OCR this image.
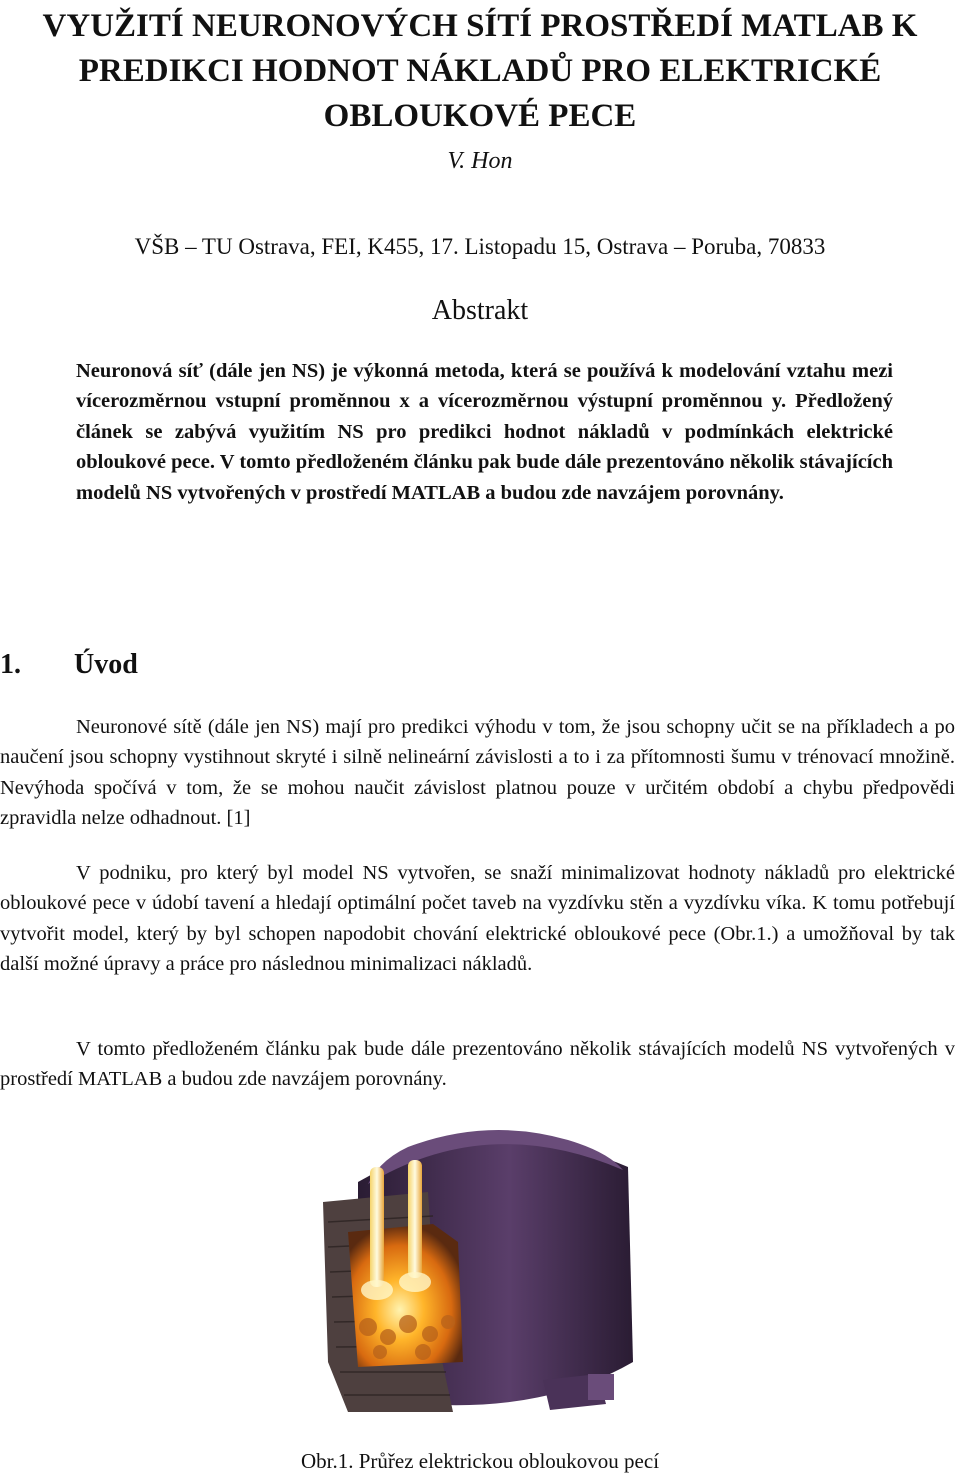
VYUŽITÍ NEURONOVÝCH SÍTÍ PROSTŘEDÍ MATLAB K PREDIKCI HODNOT NÁKLADŮ PRO ELEKTRICKÉ OBLOUKOVÉ PECE
V. Hon
VŠB – TU Ostrava, FEI, K455, 17. Listopadu 15, Ostrava – Poruba, 70833
Abstrakt

Neuronová síť (dále jen NS) je výkonná metoda, která se používá k modelování vztahu mezi vícerozměrnou vstupní proměnnou x a vícerozměrnou výstupní proměnnou y. Předložený článek se zabývá využitím NS pro predikci hodnot nákladů v podmínkách elektrické obloukové pece. V tomto předloženém článku pak bude dále prezentováno několik stávajících modelů NS vytvořených v prostředí MATLAB a budou zde navzájem porovnány.

1. Úvod

Neuronové sítě (dále jen NS) mají pro predikci výhodu v tom, že jsou schopny učit se na příkladech a po naučení jsou schopny vystihnout skryté i silně nelineární závislosti a to i za přítomnosti šumu v trénovací množině. Nevýhoda spočívá v tom, že se mohou naučit závislost platnou pouze v určitém období a chybu předpovědi zpravidla nelze odhadnout. [1]

V podniku, pro který byl model NS vytvořen, se snaží minimalizovat hodnoty nákladů pro elektrické obloukové pece v údobí tavení a hledají optimální počet taveb na vyzdívku stěn a vyzdívku víka. K tomu potřebují vytvořit model, který by byl schopen napodobit chování elektrické obloukové pece (Obr.1.) a umožňoval by tak další možné úpravy a práce pro následnou minimalizaci nákladů.

V tomto předloženém článku pak bude dále prezentováno několik stávajících modelů NS vytvořených v prostředí MATLAB a budou zde navzájem porovnány.

Obr.1. Průřez elektrickou obloukovou pecí
